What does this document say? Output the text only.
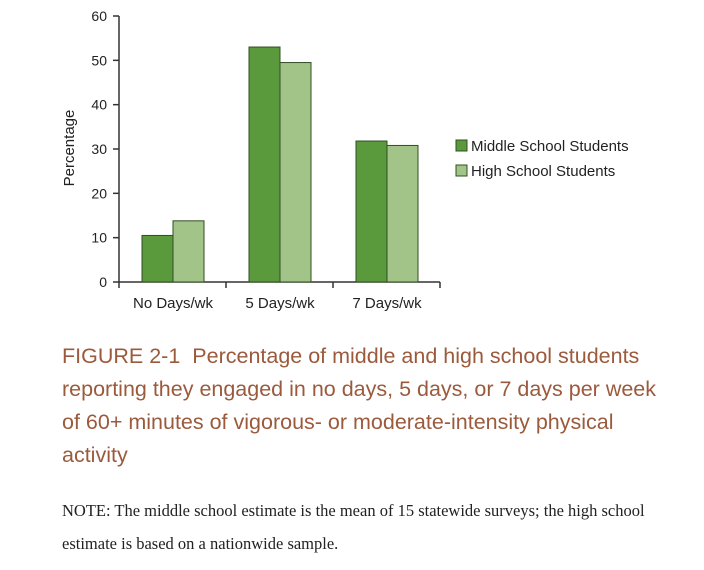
Percentage
0
10
20
30
40
50
60
No Days/wk 5 Days/wk	7 Days/wk
Middle School Students
High School Students
FIGURE 2-1 Percentage of middle and high school students reporting they engaged in no days, 5 days, or 7 days per week of 60+ minutes of vigorous- or moderate-intensity physical activity
NOTE: The middle school estimate is the mean of 15 statewide surveys; the high school estimate is based on a nationwide sample.
